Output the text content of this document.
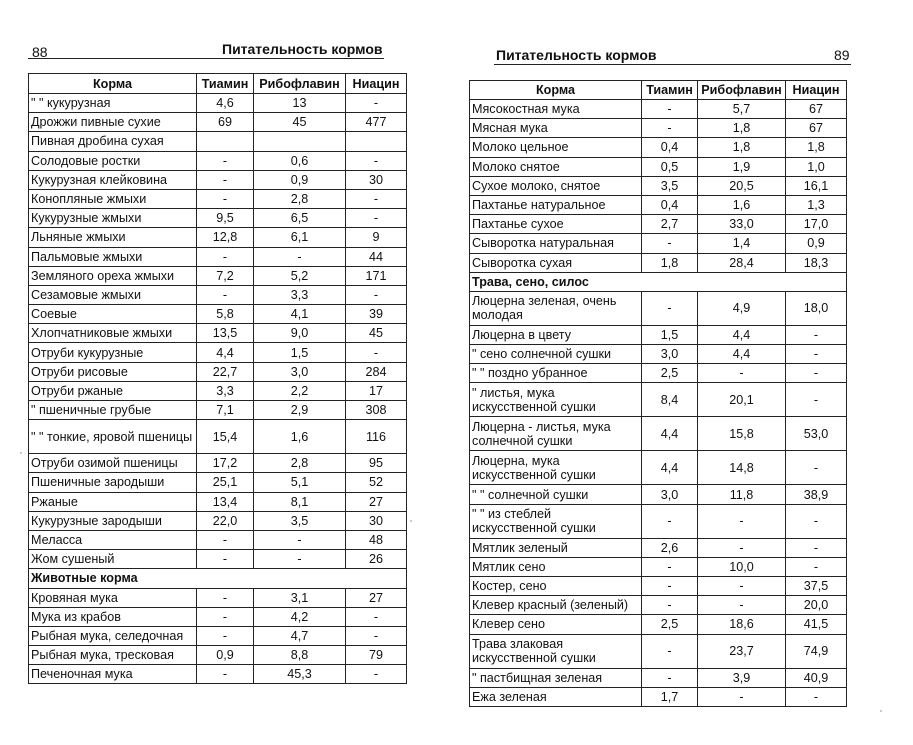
88	Питательность кормов
Корма	Тиамин	Рибофлавин	Ниацин
" " кукурузная	4,6	13	-
Дрожжи пивные сухие	69	45	477
Пивная дробина сухая			
Солодовые ростки	-	0,6	-
Кукурузная клейковина	-	0,9	30
Конопляные жмыхи	-	2,8	-
Кукурузные жмыхи	9,5	6,5	-
Льняные жмыхи	12,8	6,1	9
Пальмовые жмыхи	-	-	44
Земляного ореха жмыхи	7,2	5,2	171
Сезамовые жмыхи	-	3,3	-
Соевые	5,8	4,1	39
Хлопчатниковые жмыхи	13,5	9,0	45
Отруби кукурузные	4,4	1,5	-
Отруби рисовые	22,7	3,0	284
Отруби ржаные	3,3	2,2	17
" пшеничные грубые	7,1	2,9	308
" " тонкие, яровой пшеницы	15,4	1,6	116
Отруби озимой пшеницы	17,2	2,8	95
Пшеничные зародыши	25,1	5,1	52
Ржаные	13,4	8,1	27
Кукурузные зародыши	22,0	3,5	30
Меласса	-	-	48
Жом сушеный	-	-	26
Животные корма			
Кровяная мука	-	3,1	27
Мука из крабов	-	4,2	-
Рыбная мука, селедочная	-	4,7	-
Рыбная мука, тресковая	0,9	8,8	79
Печеночная мука	-	45,3	-
Питательность кормов	89
Корма	Тиамин	Рибофлавин	Ниацин
Мясокостная мука	-	5,7	67
Мясная мука	-	1,8	67
Молоко цельное	0,4	1,8	1,8
Молоко снятое	0,5	1,9	1,0
Сухое молоко, снятое	3,5	20,5	16,1
Пахтанье натуральное	0,4	1,6	1,3
Пахтанье сухое	2,7	33,0	17,0
Сыворотка натуральная	-	1,4	0,9
Сыворотка сухая	1,8	28,4	18,3
Трава, сено, силос			
Люцерна зеленая, очень молодая	-	4,9	18,0
Люцерна в цвету	1,5	4,4	-
" сено солнечной сушки	3,0	4,4	-
" " поздно убранное	2,5	-	-
" листья, мука искусственной сушки	8,4	20,1	-
Люцерна - листья, мука солнечной сушки	4,4	15,8	53,0
Люцерна, мука искусственной сушки	4,4	14,8	-
" " солнечной сушки	3,0	11,8	38,9
" " из стеблей искусственной сушки	-	-	-
Мятлик зеленый	2,6	-	-
Мятлик сено	-	10,0	-
Костер, сено	-	-	37,5
Клевер красный (зеленый)	-	-	20,0
Клевер сено	2,5	18,6	41,5
Трава злаковая искусственной сушки	-	23,7	74,9
" пастбищная зеленая	-	3,9	40,9
Ежа зеленая	1,7	-	-
